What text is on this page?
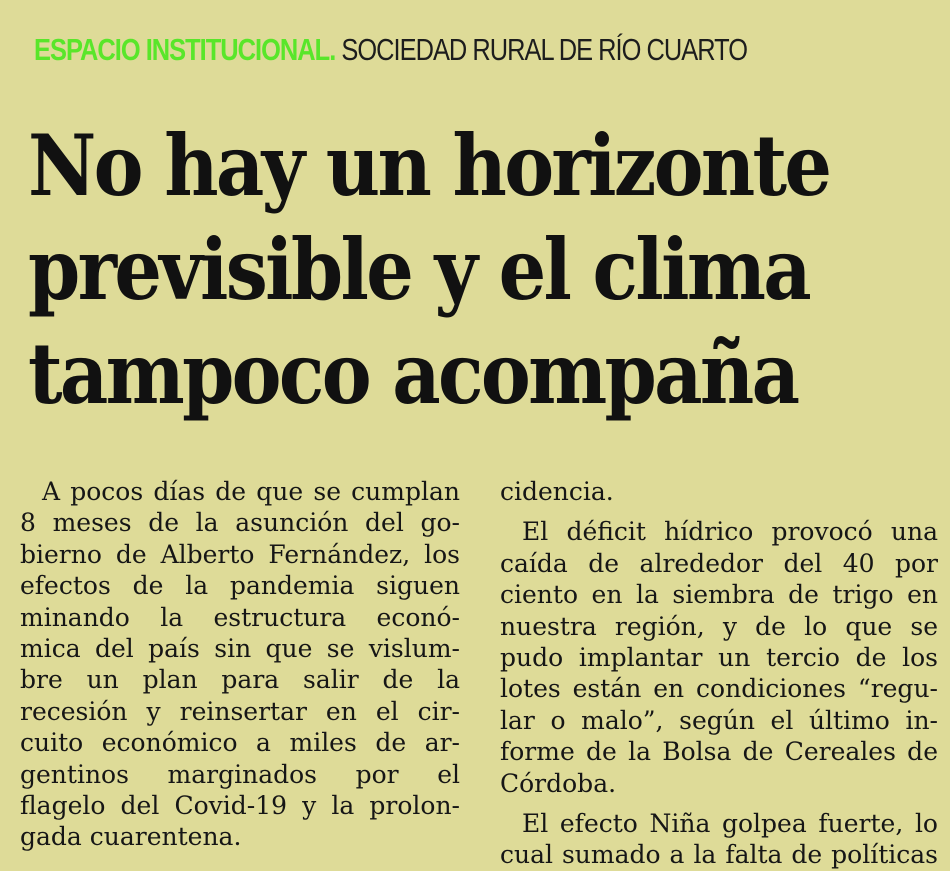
ESPACIO INSTITUCIONAL. SOCIEDAD RURAL DE RÍO CUARTO
No hay un horizonte
previsible y el clima
tampoco acompaña
A pocos días de que se cumplan
8 meses de la asunción del go-
bierno de Alberto Fernández, los
efectos de la pandemia siguen
minando la estructura econó-
mica del país sin que se vislum-
bre un plan para salir de la
recesión y reinsertar en el cir-
cuito económico a miles de ar-
gentinos marginados por el
flagelo del Covid-19 y la prolon-
gada cuarentena.
cidencia.
El déficit hídrico provocó una
caída de alrededor del 40 por
ciento en la siembra de trigo en
nuestra región, y de lo que se
pudo implantar un tercio de los
lotes están en condiciones “regu-
lar o malo”, según el último in-
forme de la Bolsa de Cereales de
Córdoba.
El efecto Niña golpea fuerte, lo
cual sumado a la falta de políticas
